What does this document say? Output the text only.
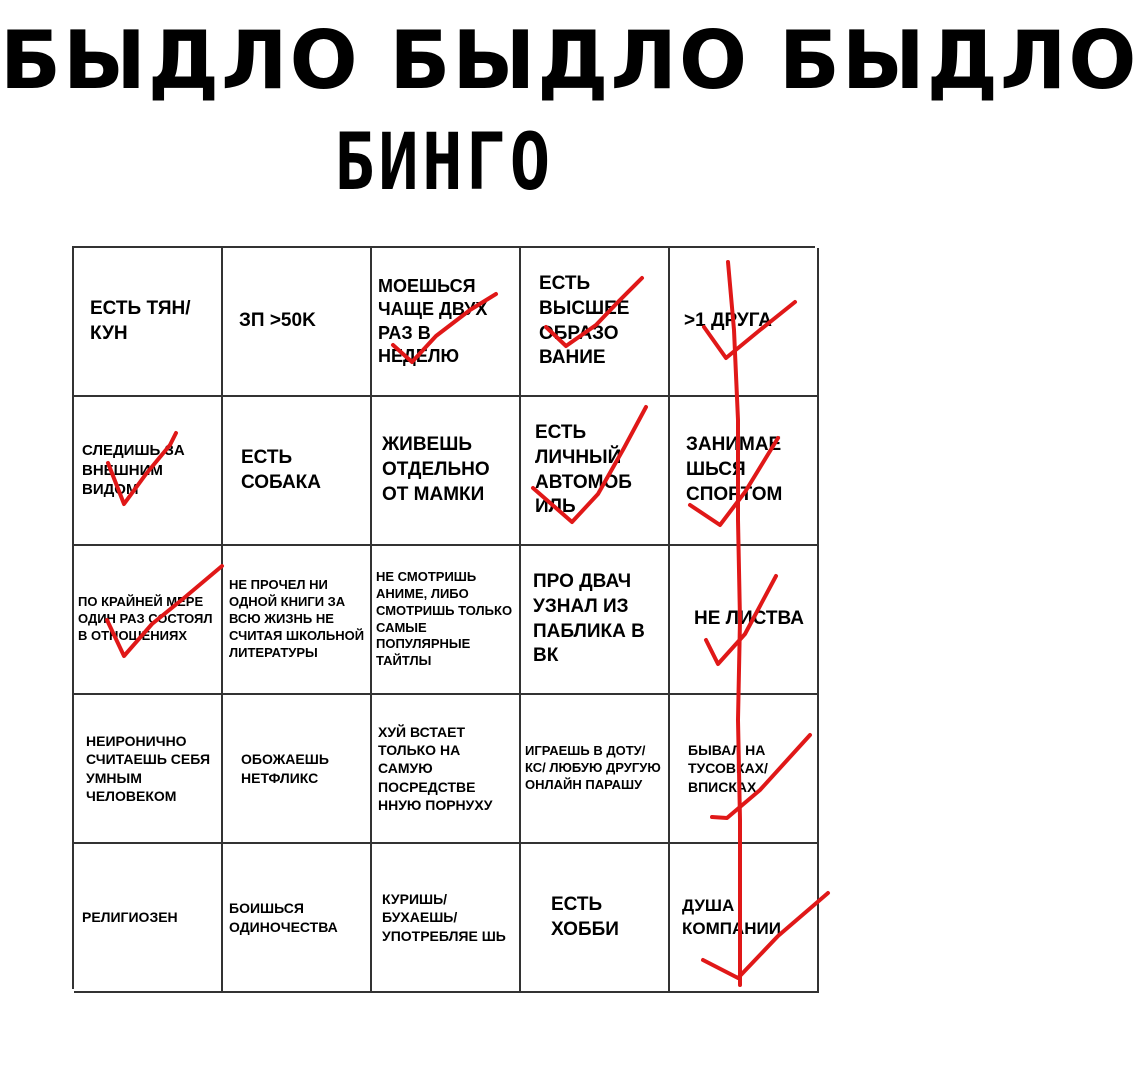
БЫДЛО БЫДЛО БЫДЛО
БИНГО
ЕСТЬ ТЯН/КУН
ЗП >50K
МОЕШЬСЯ ЧАЩЕ ДВУХ РАЗ В НЕДЕЛЮ
ЕСТЬ ВЫСШЕЕ ОБРАЗО ВАНИЕ
>1 ДРУГА
СЛЕДИШЬ ЗА ВНЕШНИМ ВИДОМ
ЕСТЬ СОБАКА
ЖИВЕШЬ ОТДЕЛЬНО ОТ МАМКИ
ЕСТЬ ЛИЧНЫЙ АВТОМОБ ИЛЬ
ЗАНИМАЕ ШЬСЯ СПОРТОМ
ПО КРАЙНЕЙ МЕРЕ ОДИН РАЗ СОСТОЯЛ В ОТНОШЕНИЯХ
НЕ ПРОЧЕЛ НИ ОДНОЙ КНИГИ ЗА ВСЮ ЖИЗНЬ НЕ СЧИТАЯ ШКОЛЬНОЙ ЛИТЕРАТУРЫ
НЕ СМОТРИШЬ АНИМЕ, ЛИБО СМОТРИШЬ ТОЛЬКО САМЫЕ ПОПУЛЯРНЫЕ ТАЙТЛЫ
ПРО ДВАЧ УЗНАЛ ИЗ ПАБЛИКА В ВК
НЕ ЛИСТВА
НЕИРОНИЧНО СЧИТАЕШЬ СЕБЯ УМНЫМ ЧЕЛОВЕКОМ
ОБОЖАЕШЬ НЕТФЛИКС
ХУЙ ВСТАЕТ ТОЛЬКО НА САМУЮ ПОСРЕДСТВЕ ННУЮ ПОРНУХУ
ИГРАЕШЬ В ДОТУ/КС/ ЛЮБУЮ ДРУГУЮ ОНЛАЙН ПАРАШУ
БЫВАЛ НА ТУСОВКАХ/ ВПИСКАХ
РЕЛИГИОЗЕН
БОИШЬСЯ ОДИНОЧЕСТВА
КУРИШЬ/ БУХАЕШЬ/ УПОТРЕБЛЯЕ ШЬ
ЕСТЬ ХОББИ
ДУША КОМПАНИИ
